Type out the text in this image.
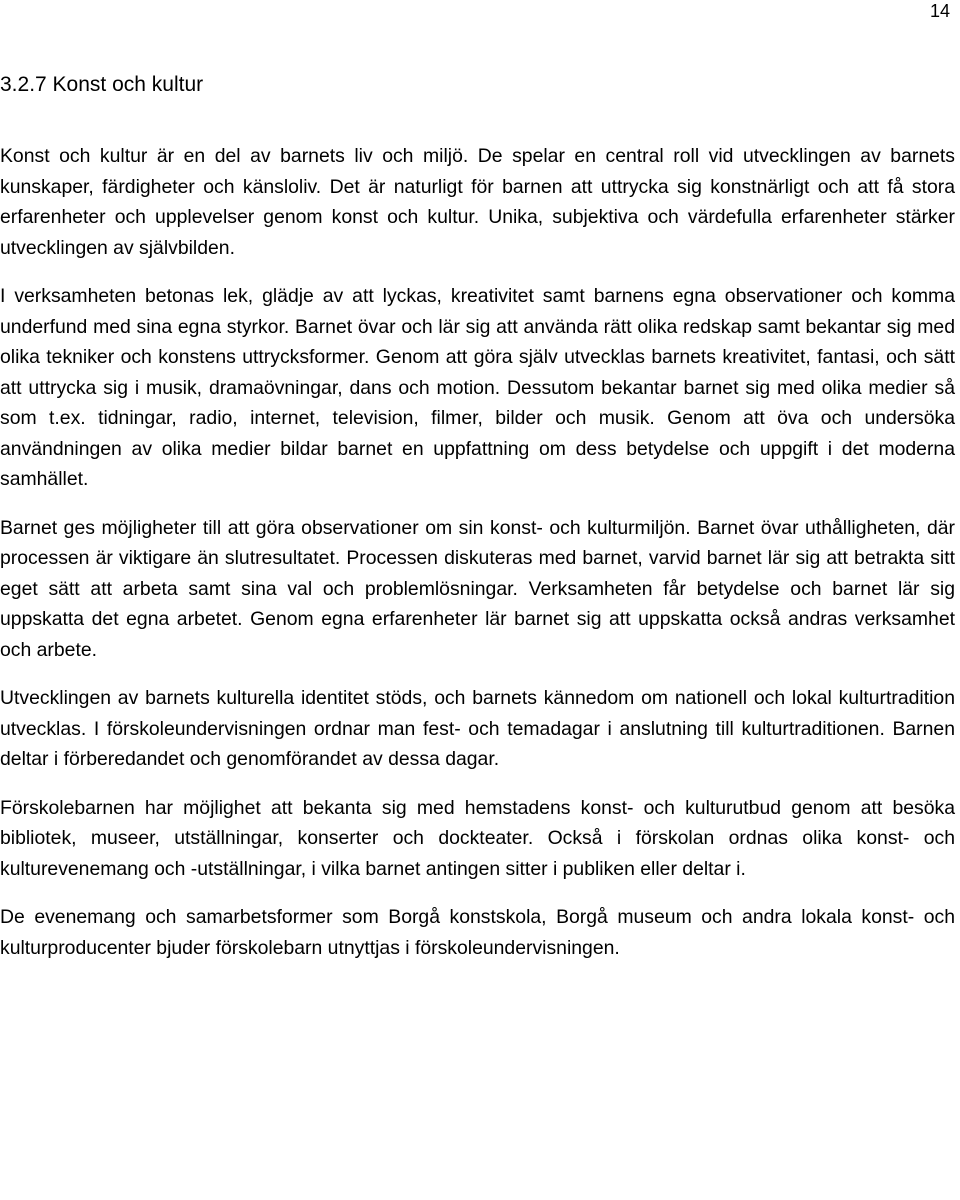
14
3.2.7 Konst och kultur

Konst och kultur är en del av barnets liv och miljö. De spelar en central roll vid utvecklingen av barnets kunskaper, färdigheter och känsloliv. Det är naturligt för barnen att uttrycka sig konstnärligt och att få stora erfarenheter och upplevelser genom konst och kultur. Unika, subjektiva och värdefulla erfarenheter stärker utvecklingen av självbilden.

I verksamheten betonas lek, glädje av att lyckas, kreativitet samt barnens egna observationer och komma underfund med sina egna styrkor. Barnet övar och lär sig att använda rätt olika redskap samt bekantar sig med olika tekniker och konstens uttrycksformer. Genom att göra själv utvecklas barnets kreativitet, fantasi, och sätt att uttrycka sig i musik, dramaövningar, dans och motion. Dessutom bekantar barnet sig med olika medier så som t.ex. tidningar, radio, internet, television, filmer, bilder och musik. Genom att öva och undersöka användningen av olika medier bildar barnet en uppfattning om dess betydelse och uppgift i det moderna samhället.

Barnet ges möjligheter till att göra observationer om sin konst- och kulturmiljön. Barnet övar uthålligheten, där processen är viktigare än slutresultatet. Processen diskuteras med barnet, varvid barnet lär sig att betrakta sitt eget sätt att arbeta samt sina val och problemlösningar. Verksamheten får betydelse och barnet lär sig uppskatta det egna arbetet. Genom egna erfarenheter lär barnet sig att uppskatta också andras verksamhet och arbete.

Utvecklingen av barnets kulturella identitet stöds, och barnets kännedom om nationell och lokal kulturtradition utvecklas. I förskoleundervisningen ordnar man fest- och temadagar i anslutning till kulturtraditionen. Barnen deltar i förberedandet och genomförandet av dessa dagar.

Förskolebarnen har möjlighet att bekanta sig med hemstadens konst- och kulturutbud genom att besöka bibliotek, museer, utställningar, konserter och dockteater. Också i förskolan ordnas olika konst- och kulturevenemang och -utställningar, i vilka barnet antingen sitter i publiken eller deltar i.

De evenemang och samarbetsformer som Borgå konstskola, Borgå museum och andra lokala konst- och kulturproducenter bjuder förskolebarn utnyttjas i förskoleundervisningen.
